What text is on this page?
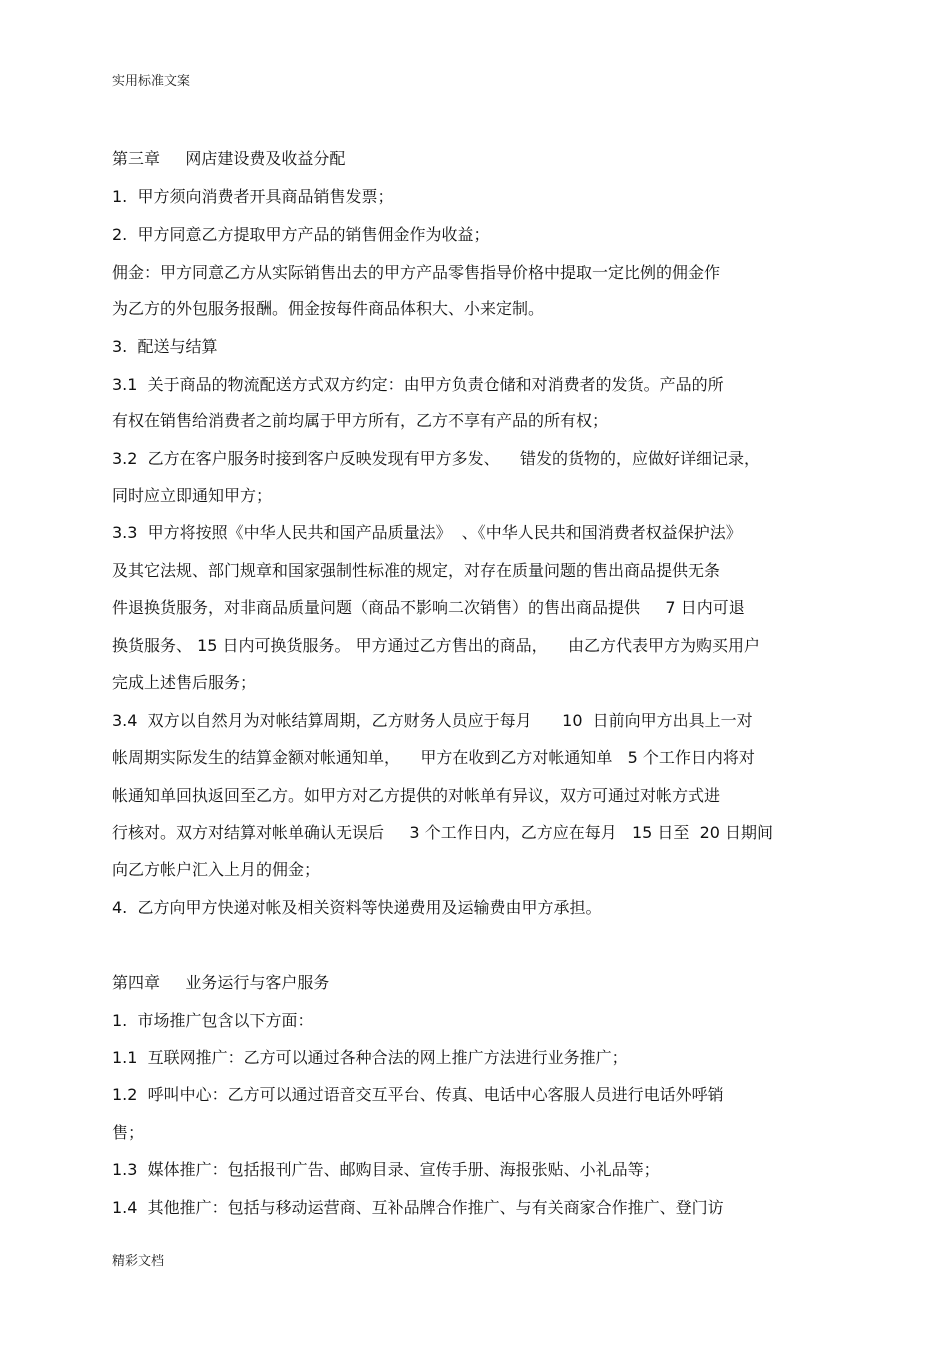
实用标准文案
第三章     网店建设费及收益分配
1.  甲方须向消费者开具商品销售发票；
2.  甲方同意乙方提取甲方产品的销售佣金作为收益；
佣金：甲方同意乙方从实际销售出去的甲方产品零售指导价格中提取一定比例的佣金作
为乙方的外包服务报酬。佣金按每件商品体积大、小来定制。
3.  配送与结算
3.1  关于商品的物流配送方式双方约定：由甲方负责仓储和对消费者的发货。产品的所
有权在销售给消费者之前均属于甲方所有，乙方不享有产品的所有权；
3.2  乙方在客户服务时接到客户反映发现有甲方多发、    错发的货物的，应做好详细记录，
同时应立即通知甲方；
3.3  甲方将按照《中华人民共和国产品质量法》  、《中华人民共和国消费者权益保护法》
及其它法规、部门规章和国家强制性标准的规定，对存在质量问题的售出商品提供无条
件退换货服务，对非商品质量问题（商品不影响二次销售）的售出商品提供     7 日内可退
换货服务、 15 日内可换货服务。 甲方通过乙方售出的商品，    由乙方代表甲方为购买用户
完成上述售后服务；
3.4  双方以自然月为对帐结算周期，乙方财务人员应于每月      10  日前向甲方出具上一对
帐周期实际发生的结算金额对帐通知单，    甲方在收到乙方对帐通知单   5 个工作日内将对
帐通知单回执返回至乙方。如甲方对乙方提供的对帐单有异议，双方可通过对帐方式进
行核对。双方对结算对帐单确认无误后     3 个工作日内，乙方应在每月   15 日至  20 日期间
向乙方帐户汇入上月的佣金；
4.  乙方向甲方快递对帐及相关资料等快递费用及运输费由甲方承担。
第四章     业务运行与客户服务
1.  市场推广包含以下方面：
1.1  互联网推广：乙方可以通过各种合法的网上推广方法进行业务推广；
1.2  呼叫中心：乙方可以通过语音交互平台、传真、电话中心客服人员进行电话外呼销
售；
1.3  媒体推广：包括报刊广告、邮购目录、宣传手册、海报张贴、小礼品等；
1.4  其他推广：包括与移动运营商、互补品牌合作推广、与有关商家合作推广、登门访
精彩文档
